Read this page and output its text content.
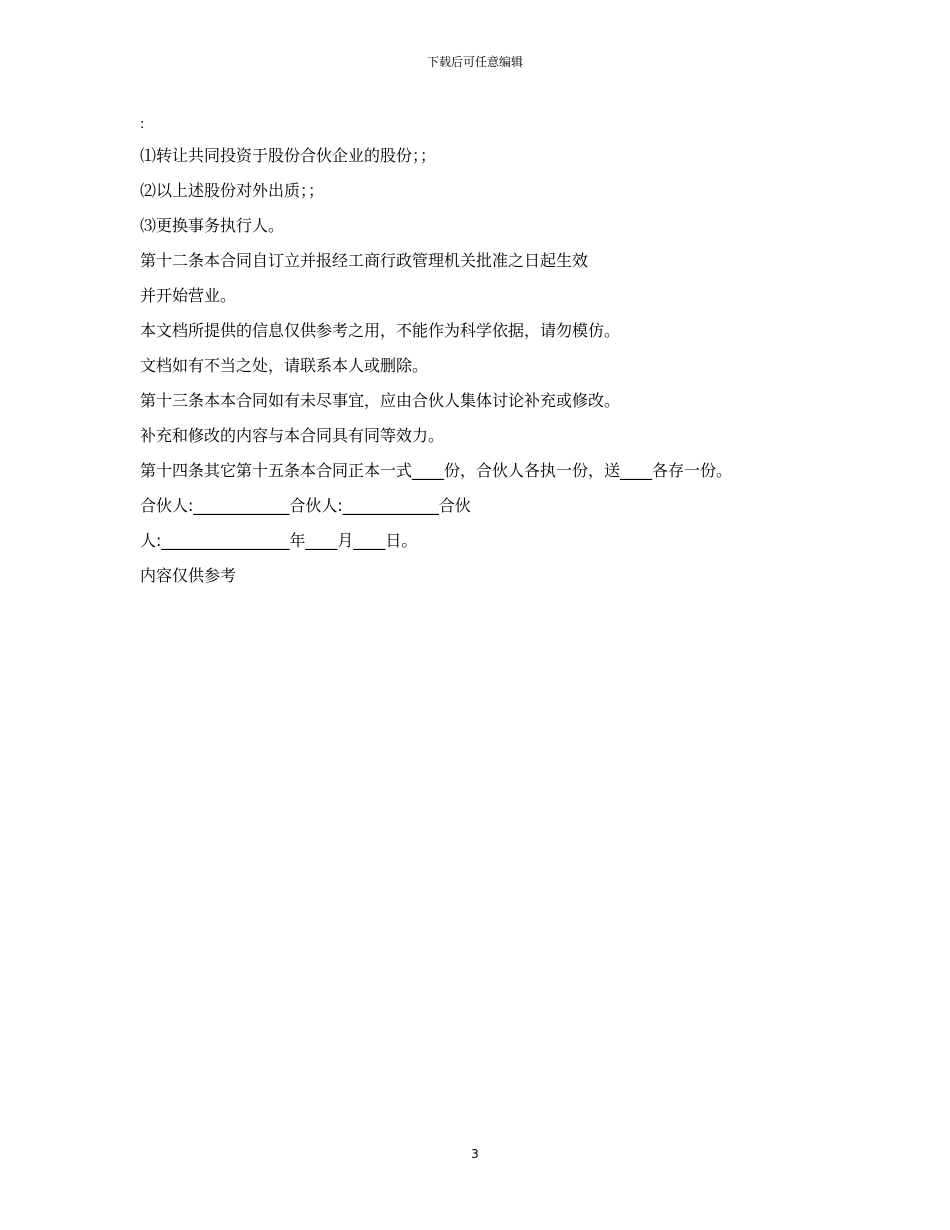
下载后可任意编辑
:
⑴转让共同投资于股份合伙企业的股份；；
⑵以上述股份对外出质；；
⑶更换事务执行人。
第十二条本合同自订立并报经工商行政管理机关批准之日起生效
并开始营业。
本文档所提供的信息仅供参考之用，不能作为科学依据，请勿模仿。
文档如有不当之处，请联系本人或删除。
第十三条本本合同如有未尽事宜，应由合伙人集体讨论补充或修改。
补充和修改的内容与本合同具有同等效力。
第十四条其它第十五条本合同正本一式____份，合伙人各执一份，送____各存一份。
合伙人:____________合伙人:____________合伙
人:________________年____月____日。
内容仅供参考
3
